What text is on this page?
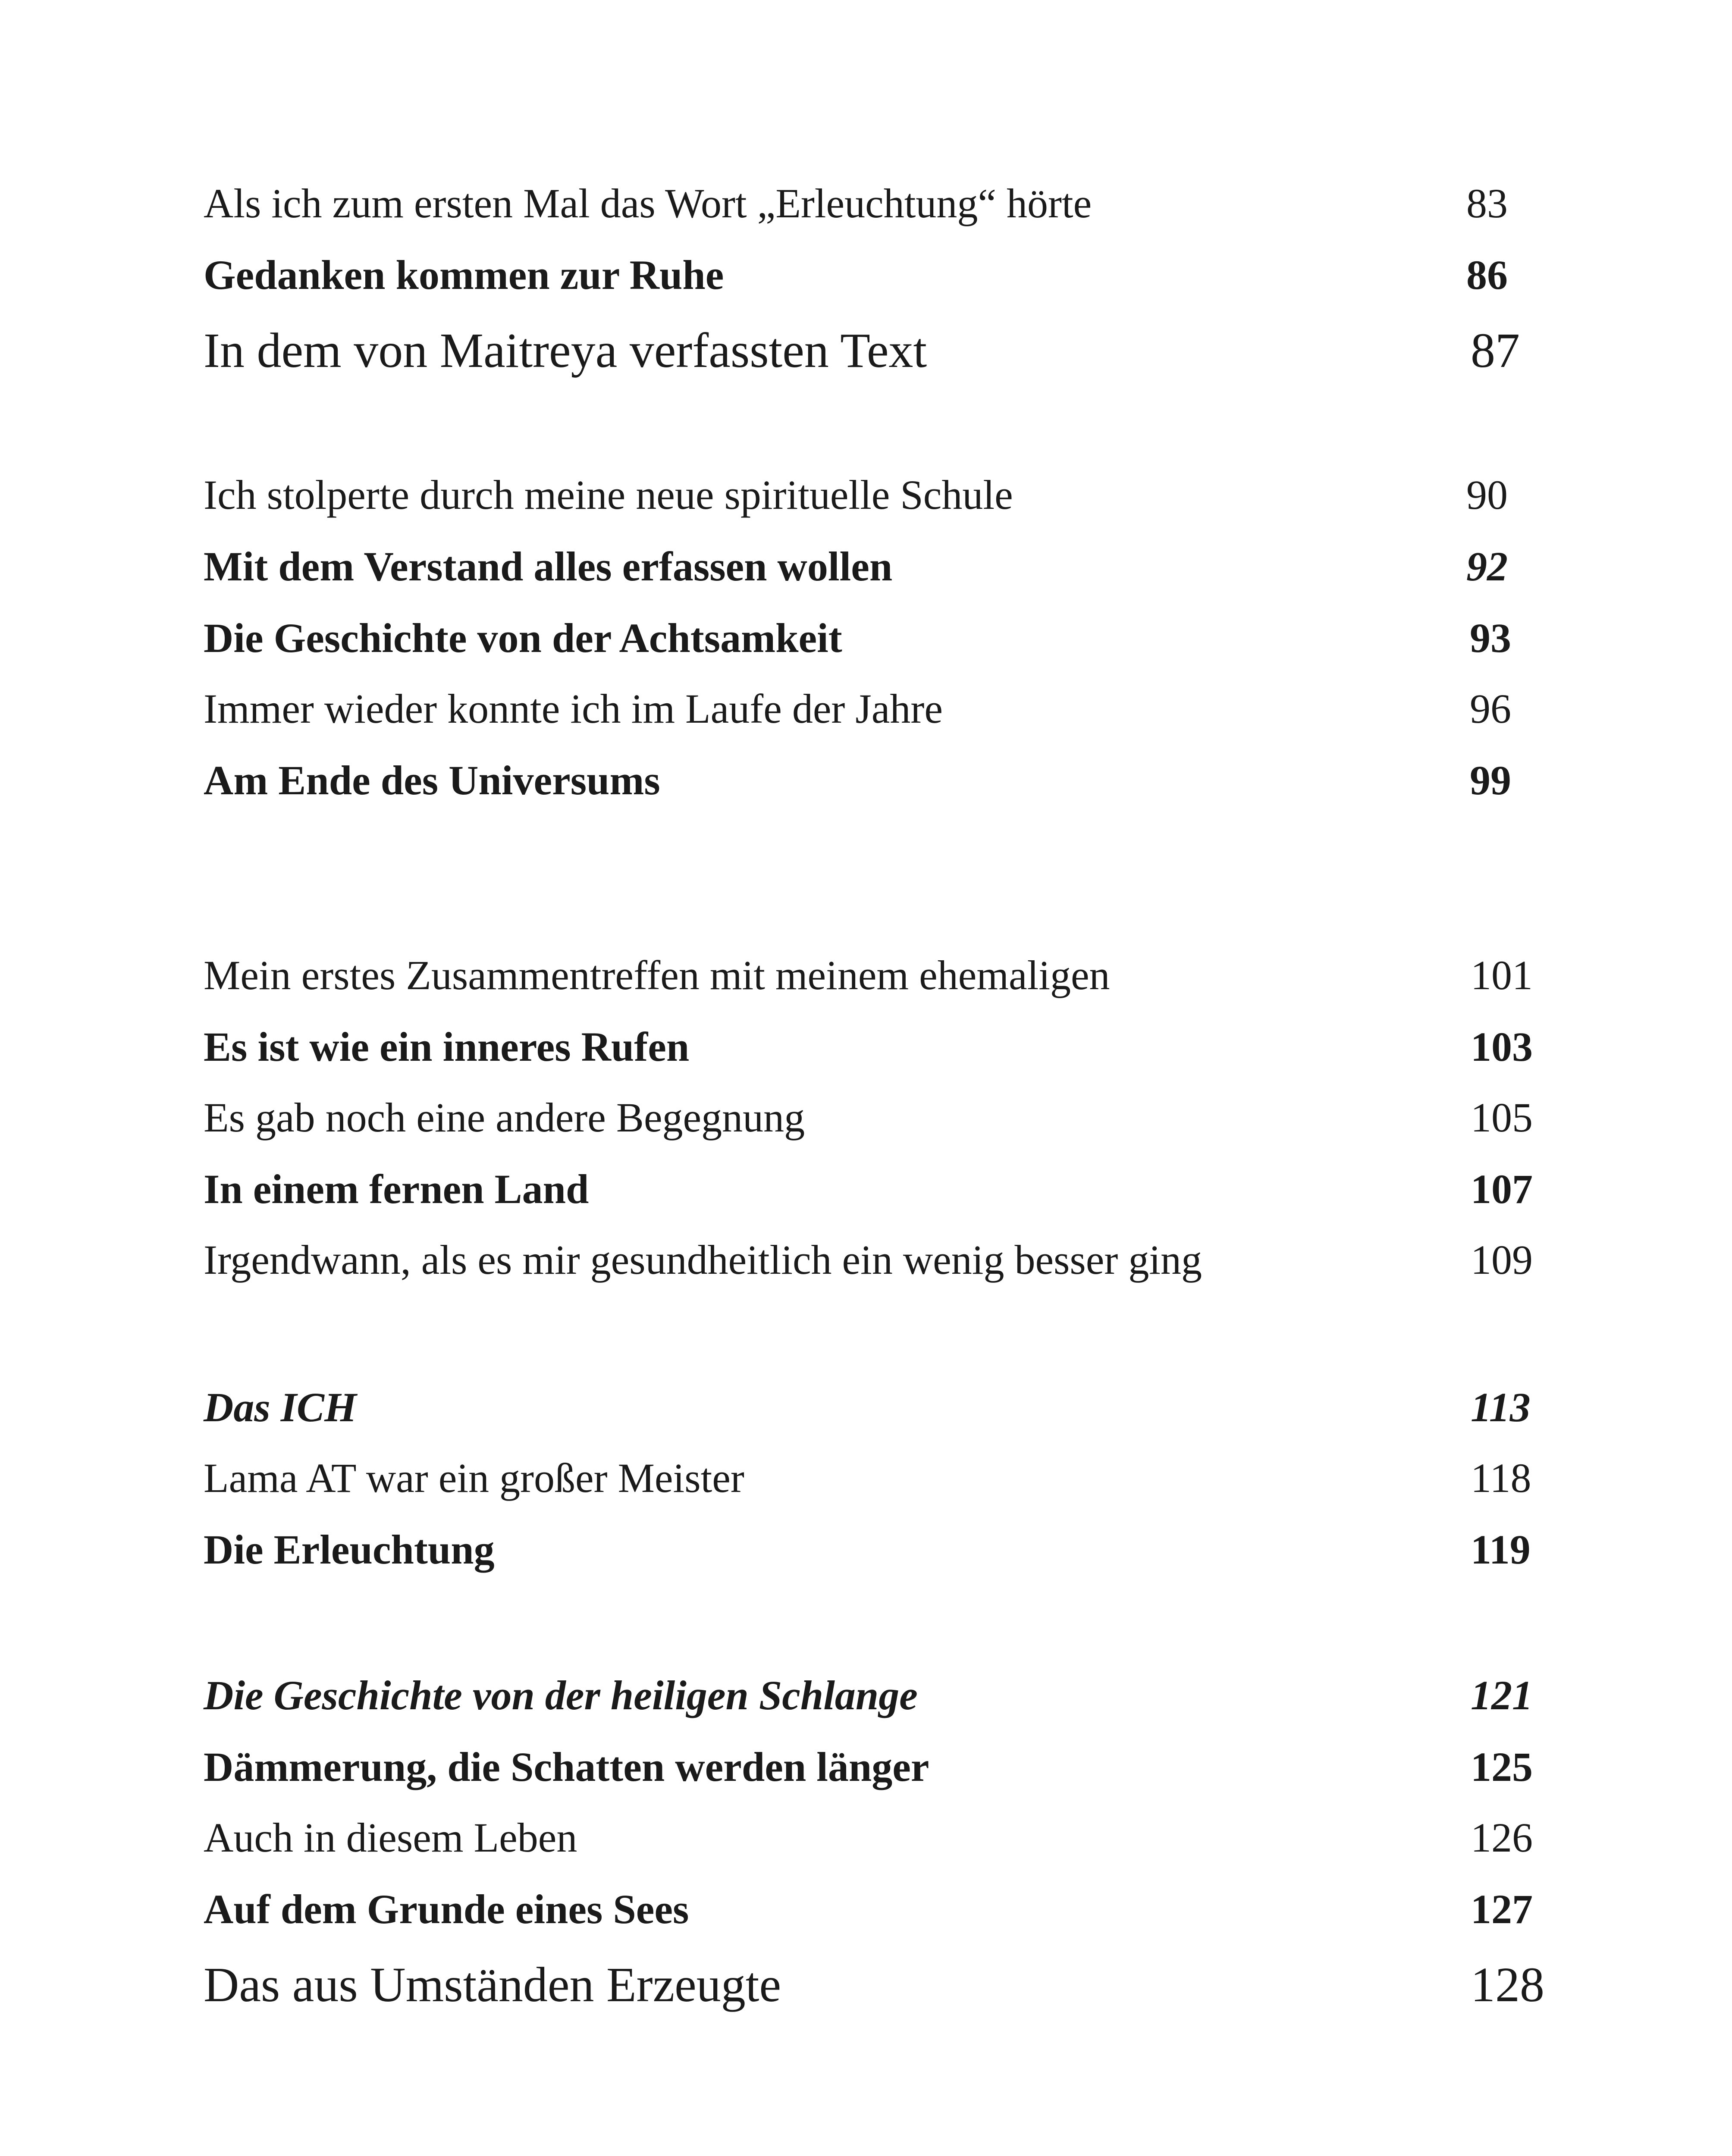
Als ich zum ersten Mal das Wort „Erleuchtung“ hörte	83
Gedanken kommen zur Ruhe	86
In dem von Maitreya verfassten Text	87
Ich stolperte durch meine neue spirituelle Schule	90
Mit dem Verstand alles erfassen wollen	92
Die Geschichte von der Achtsamkeit	93
Immer wieder konnte ich im Laufe der Jahre	96
Am Ende des Universums	99
Mein erstes Zusammentreffen mit meinem ehemaligen	101
Es ist wie ein inneres Rufen	103
Es gab noch eine andere Begegnung	105
In einem fernen Land	107
Irgendwann, als es mir gesundheitlich ein wenig besser ging	109
Das ICH	113
Lama AT war ein großer Meister	118
Die Erleuchtung	119
Die Geschichte von der heiligen Schlange	121
Dämmerung, die Schatten werden länger	125
Auch in diesem Leben	126
Auf dem Grunde eines Sees	127
Das aus Umständen Erzeugte	128
